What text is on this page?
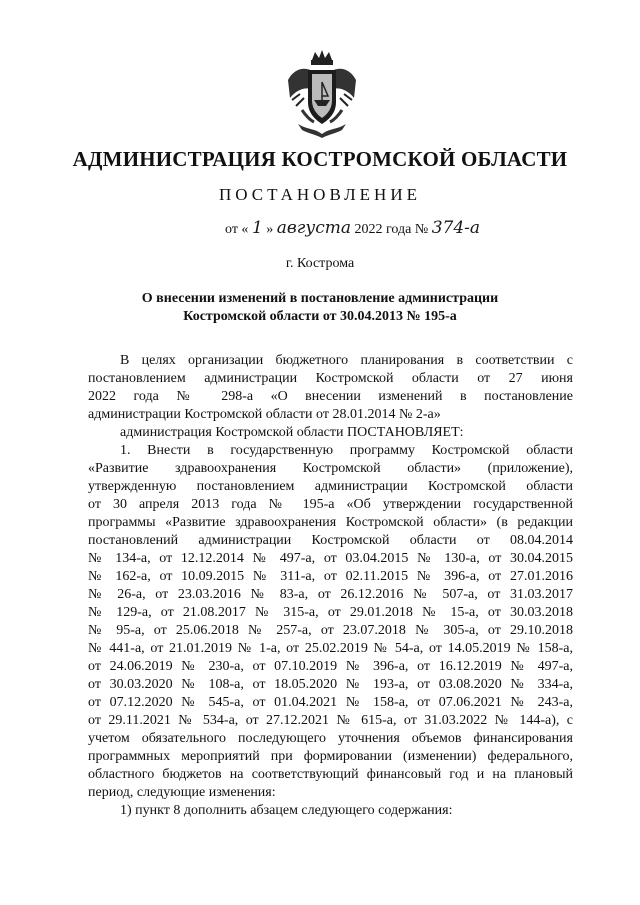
АДМИНИСТРАЦИЯ КОСТРОМСКОЙ ОБЛАСТИ
ПОСТАНОВЛЕНИЕ
от « 1 » августа 2022 года № 374-а
г. Кострома
О внесении изменений в постановление администрации
Костромской области от 30.04.2013 № 195-а
В целях организации бюджетного планирования в соответствии с
постановлением администрации Костромской области от 27 июня
2022 года № 298-а «О внесении изменений в постановление
администрации Костромской области от 28.01.2014 № 2-а»
администрация Костромской области ПОСТАНОВЛЯЕТ:
1. Внести в государственную программу Костромской области
«Развитие здравоохранения Костромской области» (приложение),
утвержденную постановлением администрации Костромской области
от 30 апреля 2013 года № 195-а «Об утверждении государственной
программы «Развитие здравоохранения Костромской области» (в редакции
постановлений администрации Костромской области от 08.04.2014
№ 134-а, от 12.12.2014 № 497-а, от 03.04.2015 № 130-а, от 30.04.2015
№ 162-а, от 10.09.2015 № 311-а, от 02.11.2015 № 396-а, от 27.01.2016
№ 26-а, от 23.03.2016 № 83-а, от 26.12.2016 № 507-а, от 31.03.2017
№ 129-а, от 21.08.2017 № 315-а, от 29.01.2018 № 15-а, от 30.03.2018
№ 95-а, от 25.06.2018 № 257-а, от 23.07.2018 № 305-а, от 29.10.2018
№ 441-а, от 21.01.2019 № 1-а, от 25.02.2019 № 54-а, от 14.05.2019 № 158-а,
от 24.06.2019 № 230-а, от 07.10.2019 № 396-а, от 16.12.2019 № 497-а,
от 30.03.2020 № 108-а, от 18.05.2020 № 193-а, от 03.08.2020 № 334-а,
от 07.12.2020 № 545-а, от 01.04.2021 № 158-а, от 07.06.2021 № 243-а,
от 29.11.2021 № 534-а, от 27.12.2021 № 615-а, от 31.03.2022 № 144-а), с
учетом обязательного последующего уточнения объемов финансирования
программных мероприятий при формировании (изменении) федерального,
областного бюджетов на соответствующий финансовый год и на плановый
период, следующие изменения:
1) пункт 8 дополнить абзацем следующего содержания:
